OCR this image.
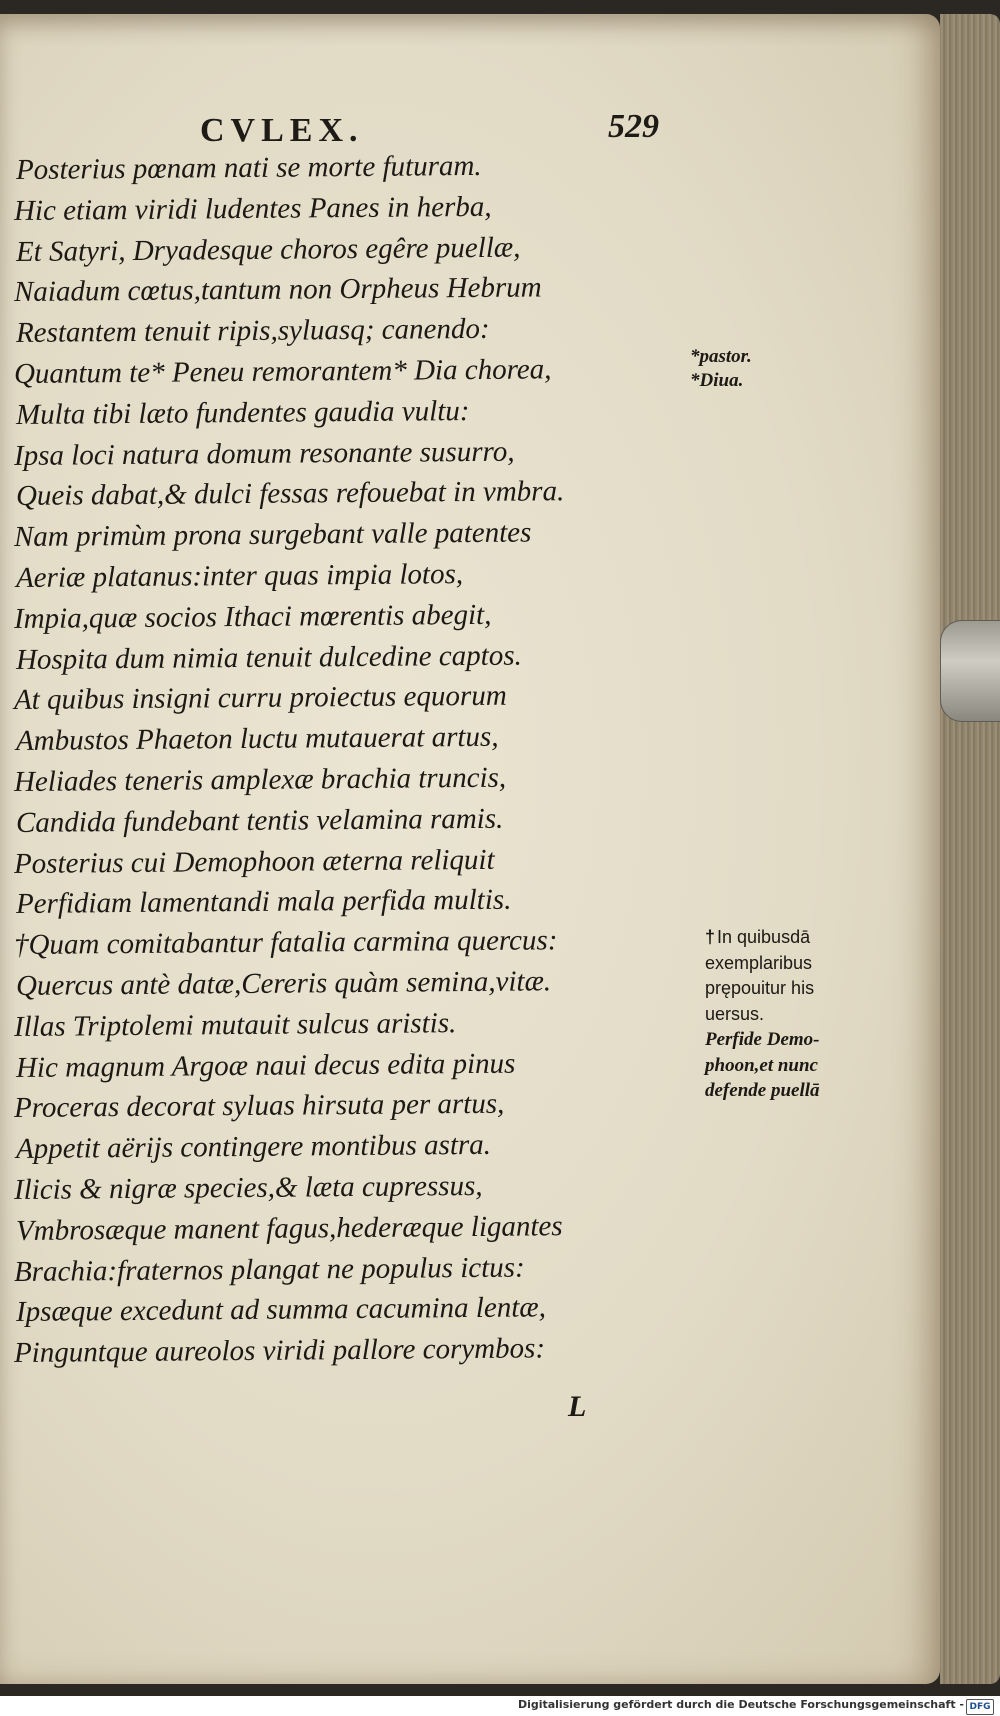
CVLEX.	529
Posterius pœnam nati se morte futuram.
Hic etiam viridi ludentes Panes in herba,
Et Satyri, Dryadesque choros egêre puellæ,
Naiadum cœtus,tantum non Orpheus Hebrum
Restantem tenuit ripis,syluasq; canendo:
Quantum te* Peneu remorantem* Dia chorea,
Multa tibi læto fundentes gaudia vultu:
Ipsa loci natura domum resonante susurro,
Queis dabat,& dulci fessas refouebat in vmbra.
Nam primùm prona surgebant valle patentes
Aeriæ platanus:inter quas impia lotos,
Impia,quæ socios Ithaci mœrentis abegit,
Hospita dum nimia tenuit dulcedine captos.
At quibus insigni curru proiectus equorum
Ambustos Phaeton luctu mutauerat artus,
Heliades teneris amplexæ brachia truncis,
Candida fundebant tentis velamina ramis.
Posterius cui Demophoon æterna reliquit
Perfidiam lamentandi mala perfida multis.
†Quam comitabantur fatalia carmina quercus:
Quercus antè datæ,Cereris quàm semina,vitæ.
Illas Triptolemi mutauit sulcus aristis.
Hic magnum Argoæ naui decus edita pinus
Proceras decorat syluas hirsuta per artus,
Appetit aërijs contingere montibus astra.
Ilicis & nigræ species,& læta cupressus,
Vmbrosæque manent fagus,hederæque ligantes
Brachia:fraternos plangat ne populus ictus:
Ipsæque excedunt ad summa cacumina lentæ,
Pinguntque aureolos viridi pallore corymbos:
L
*pastor.
*Diua.
† In quibusdā
exemplaribus
prępouitur his
uersus.
Perfide Demo-
phoon,et nunc
defende puellā
Digitalisierung gefördert durch die Deutsche Forschungsgemeinschaft - DFG
